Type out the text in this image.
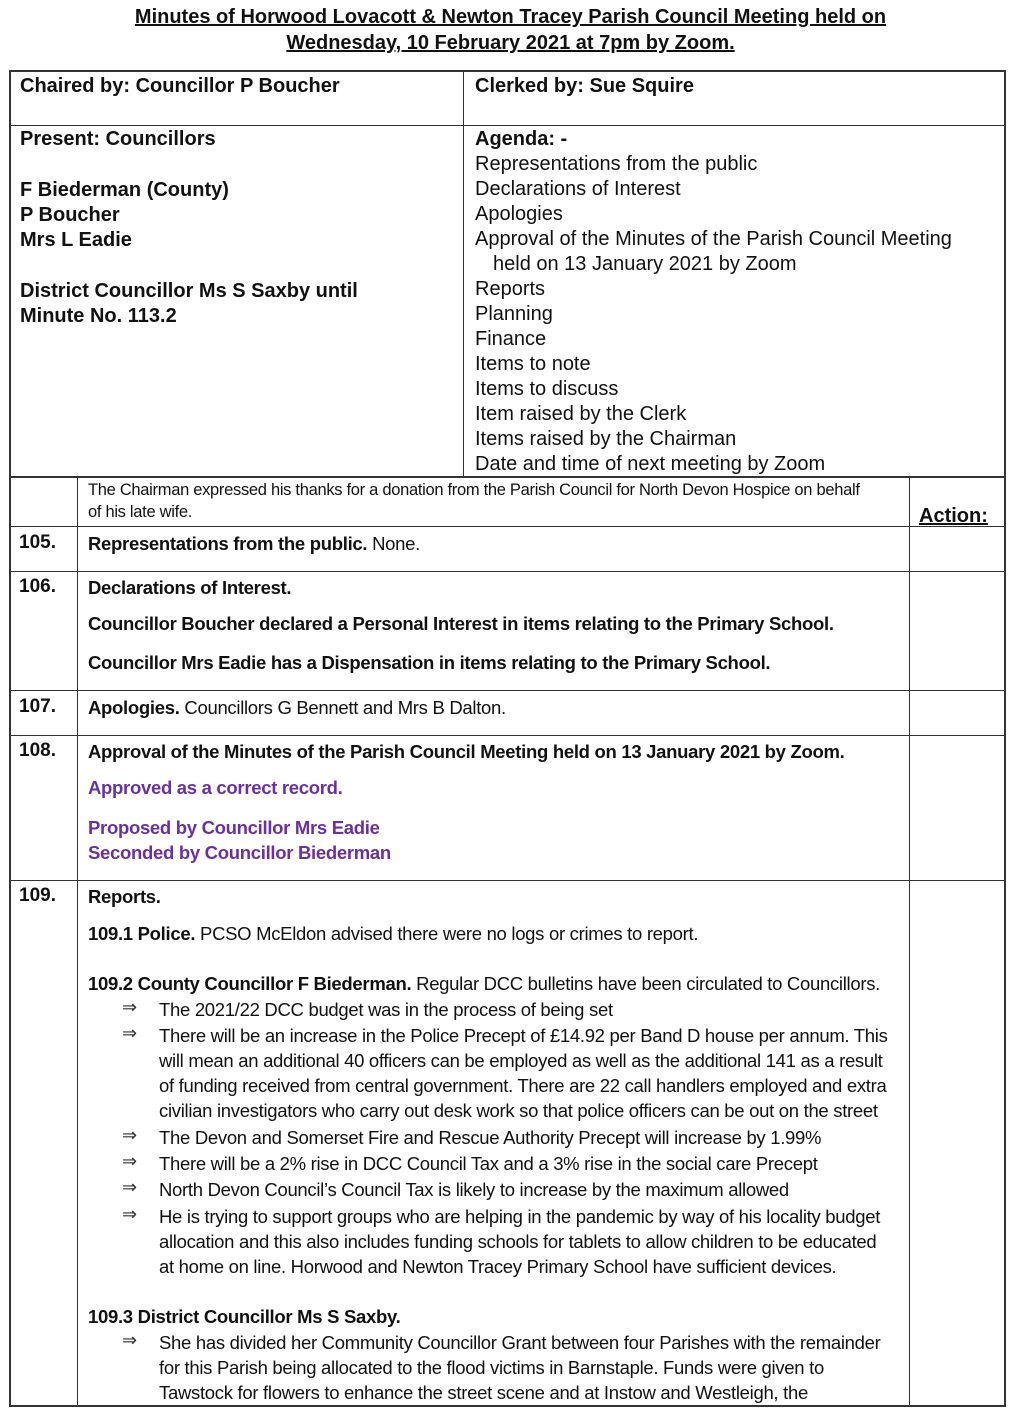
Minutes of Horwood Lovacott & Newton Tracey Parish Council Meeting held on
Wednesday, 10 February 2021 at 7pm by Zoom.
Chaired by: Councillor P Boucher	Clerked by: Sue Squire
Present: Councillors
F Biederman (County)
P Boucher
Mrs L Eadie
District Councillor Ms S Saxby until
Minute No. 113.2
Agenda: -
Representations from the public
Declarations of Interest
Apologies
Approval of the Minutes of the Parish Council Meeting
held on 13 January 2021 by Zoom
Reports
Planning
Finance
Items to note
Items to discuss
Item raised by the Clerk
Items raised by the Chairman
Date and time of next meeting by Zoom
The Chairman expressed his thanks for a donation from the Parish Council for North Devon Hospice on behalf
of his late wife.	Action:
105. Representations from the public. None.
106. Declarations of Interest.
Councillor Boucher declared a Personal Interest in items relating to the Primary School.
Councillor Mrs Eadie has a Dispensation in items relating to the Primary School.
107. Apologies. Councillors G Bennett and Mrs B Dalton.
108. Approval of the Minutes of the Parish Council Meeting held on 13 January 2021 by Zoom.
Approved as a correct record.
Proposed by Councillor Mrs Eadie
Seconded by Councillor Biederman
109. Reports.
109.1 Police. PCSO McEldon advised there were no logs or crimes to report.
109.2 County Councillor F Biederman. Regular DCC bulletins have been circulated to Councillors.
⇒ The 2021/22 DCC budget was in the process of being set
⇒ There will be an increase in the Police Precept of £14.92 per Band D house per annum. This
will mean an additional 40 officers can be employed as well as the additional 141 as a result
of funding received from central government. There are 22 call handlers employed and extra
civilian investigators who carry out desk work so that police officers can be out on the street
⇒ The Devon and Somerset Fire and Rescue Authority Precept will increase by 1.99%
⇒ There will be a 2% rise in DCC Council Tax and a 3% rise in the social care Precept
⇒ North Devon Council’s Council Tax is likely to increase by the maximum allowed
⇒ He is trying to support groups who are helping in the pandemic by way of his locality budget
allocation and this also includes funding schools for tablets to allow children to be educated
at home on line. Horwood and Newton Tracey Primary School have sufficient devices.
109.3 District Councillor Ms S Saxby.
⇒ She has divided her Community Councillor Grant between four Parishes with the remainder
for this Parish being allocated to the flood victims in Barnstaple. Funds were given to
Tawstock for flowers to enhance the street scene and at Instow and Westleigh, the
